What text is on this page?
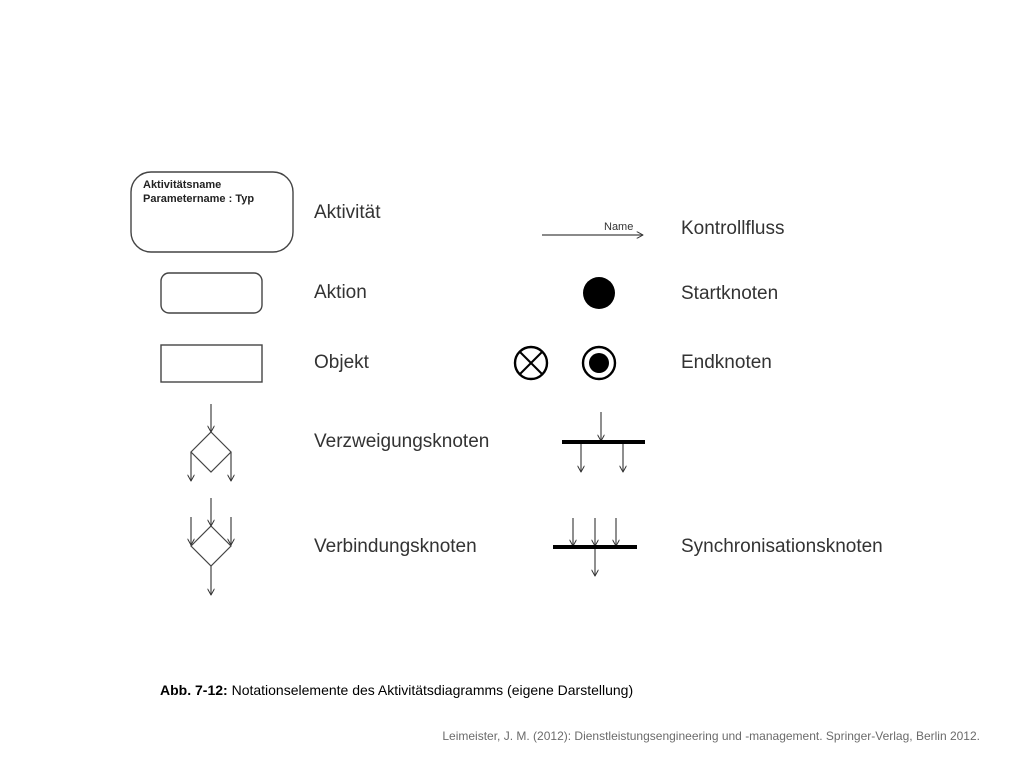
Aktivitätsname
Parametername : Typ
Aktivität
Aktion
Objekt
Verzweigungsknoten
Verbindungsknoten
Name	Kontrollfluss
Startknoten
Endknoten
Synchronisationsknoten
Abb. 7-12: Notationselemente des Aktivitätsdiagramms (eigene Darstellung)
Leimeister, J. M. (2012): Dienstleistungsengineering und -management. Springer-Verlag, Berlin 2012.
